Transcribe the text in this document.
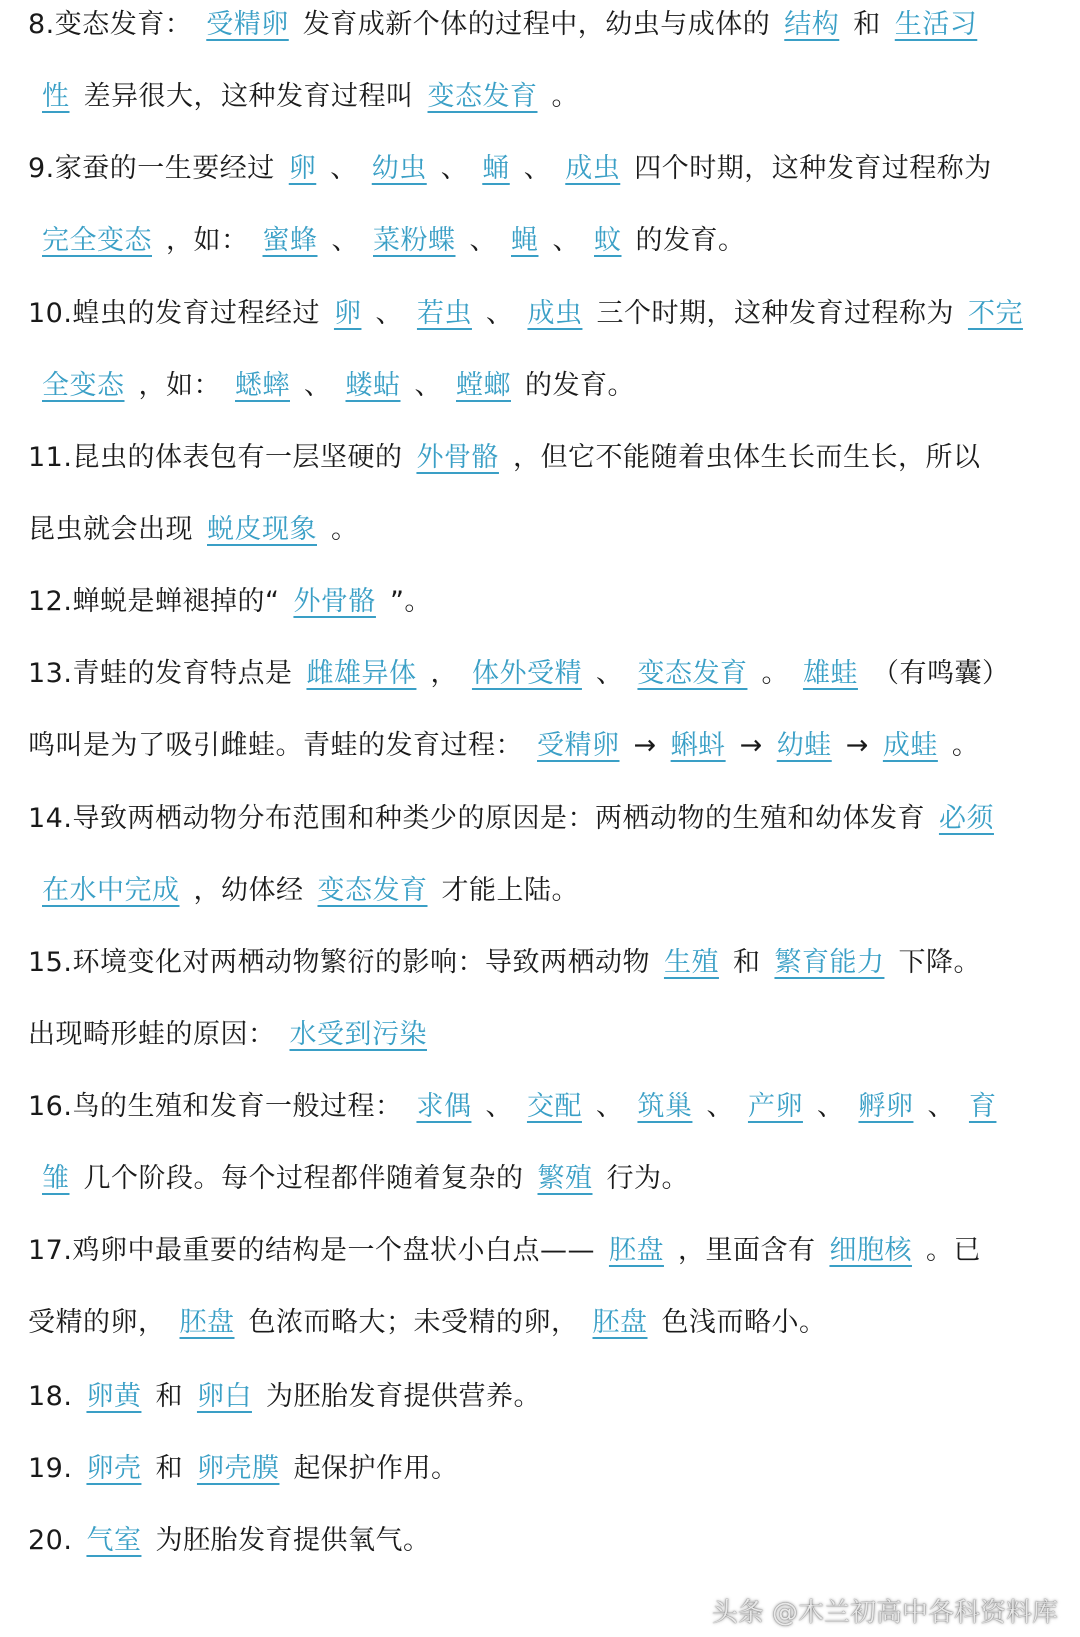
8.变态发育： 受精卵 发育成新个体的过程中，幼虫与成体的 结构 和 生活习
性 差异很大，这种发育过程叫 变态发育 。
9.家蚕的一生要经过 卵 、 幼虫 、 蛹 、 成虫 四个时期，这种发育过程称为
完全变态 ，如： 蜜蜂 、 菜粉蝶 、 蝇 、 蚊 的发育。
10.蝗虫的发育过程经过 卵 、 若虫 、 成虫 三个时期，这种发育过程称为 不完
全变态 ，如： 蟋蟀 、 蝼蛄 、 螳螂 的发育。
11.昆虫的体表包有一层坚硬的 外骨骼 ，但它不能随着虫体生长而生长，所以
昆虫就会出现 蜕皮现象 。
12.蝉蜕是蝉褪掉的“ 外骨骼 ”。
13.青蛙的发育特点是 雌雄异体 ， 体外受精 、 变态发育 。 雄蛙 （有鸣囊）
鸣叫是为了吸引雌蛙。青蛙的发育过程： 受精卵 → 蝌蚪 → 幼蛙 → 成蛙 。
14.导致两栖动物分布范围和种类少的原因是：两栖动物的生殖和幼体发育 必须
在水中完成 ，幼体经 变态发育 才能上陆。
15.环境变化对两栖动物繁衍的影响：导致两栖动物 生殖 和 繁育能力 下降。
出现畸形蛙的原因： 水受到污染
16.鸟的生殖和发育一般过程： 求偶 、 交配 、 筑巢 、 产卵 、 孵卵 、 育
雏 几个阶段。每个过程都伴随着复杂的 繁殖 行为。
17.鸡卵中最重要的结构是一个盘状小白点—— 胚盘 ，里面含有 细胞核 。已
受精的卵， 胚盘 色浓而略大；未受精的卵， 胚盘 色浅而略小。
18. 卵黄 和 卵白 为胚胎发育提供营养。
19. 卵壳 和 卵壳膜 起保护作用。
20. 气室 为胚胎发育提供氧气。
头条 @木兰初高中各科资料库
